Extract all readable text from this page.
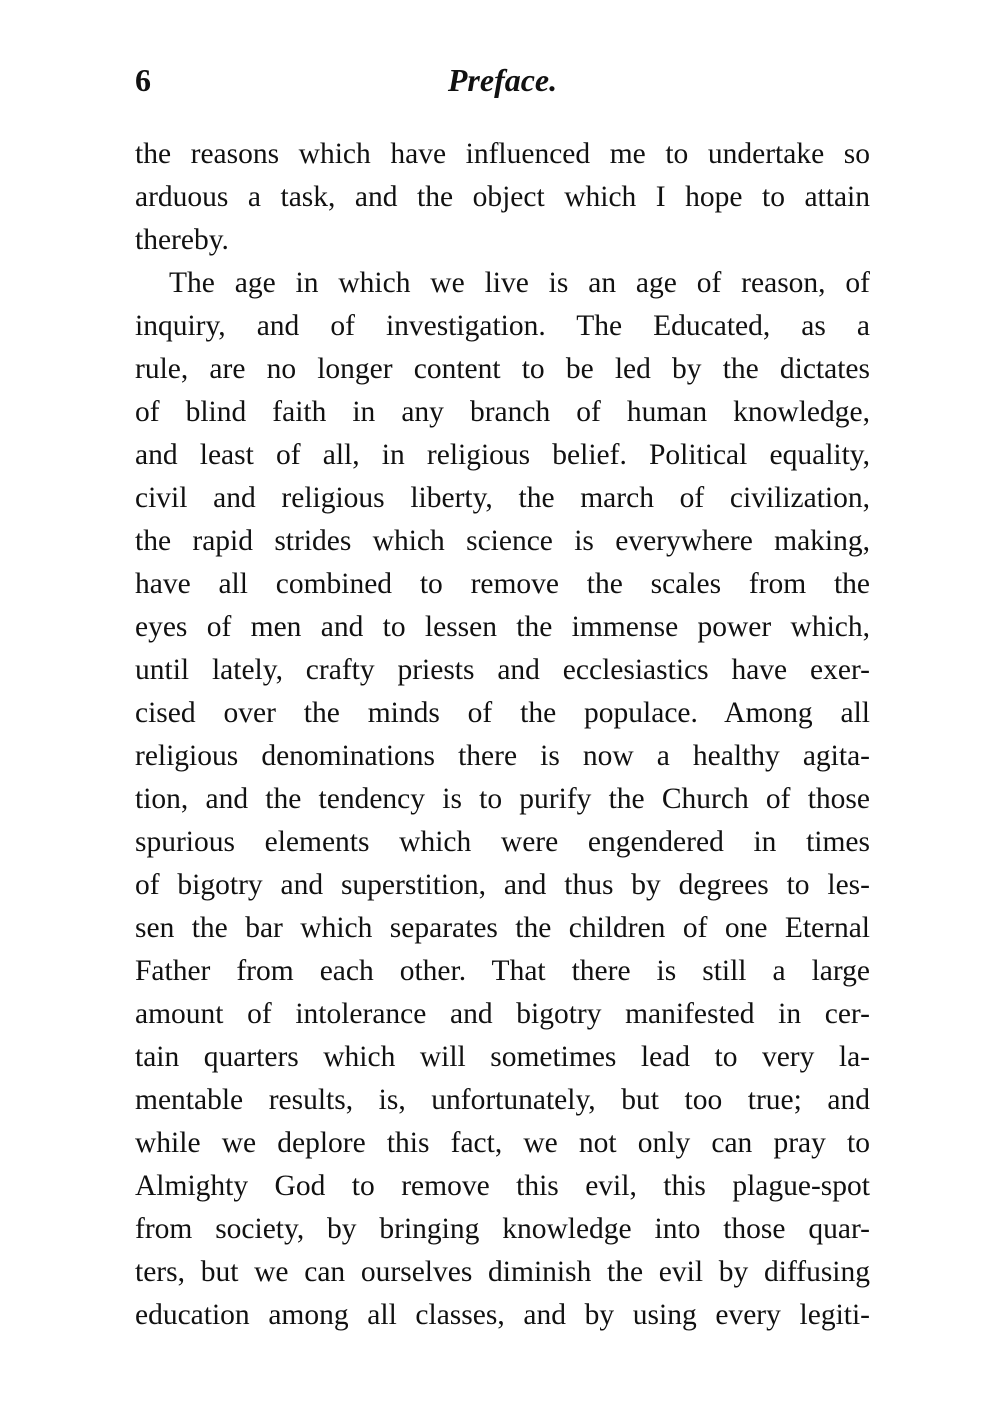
6	Preface.
the reasons which have influenced me to undertake so
arduous a task, and the object which I hope to attain
thereby.
The age in which we live is an age of reason, of
inquiry, and of investigation. The Educated, as a
rule, are no longer content to be led by the dictates
of blind faith in any branch of human knowledge,
and least of all, in religious belief. Political equality,
civil and religious liberty, the march of civilization,
the rapid strides which science is everywhere making,
have all combined to remove the scales from the
eyes of men and to lessen the immense power which,
until lately, crafty priests and ecclesiastics have exer-
cised over the minds of the populace. Among all
religious denominations there is now a healthy agita-
tion, and the tendency is to purify the Church of those
spurious elements which were engendered in times
of bigotry and superstition, and thus by degrees to les-
sen the bar which separates the children of one Eternal
Father from each other. That there is still a large
amount of intolerance and bigotry manifested in cer-
tain quarters which will sometimes lead to very la-
mentable results, is, unfortunately, but too true; and
while we deplore this fact, we not only can pray to
Almighty God to remove this evil, this plague-spot
from society, by bringing knowledge into those quar-
ters, but we can ourselves diminish the evil by diffusing
education among all classes, and by using every legiti-
